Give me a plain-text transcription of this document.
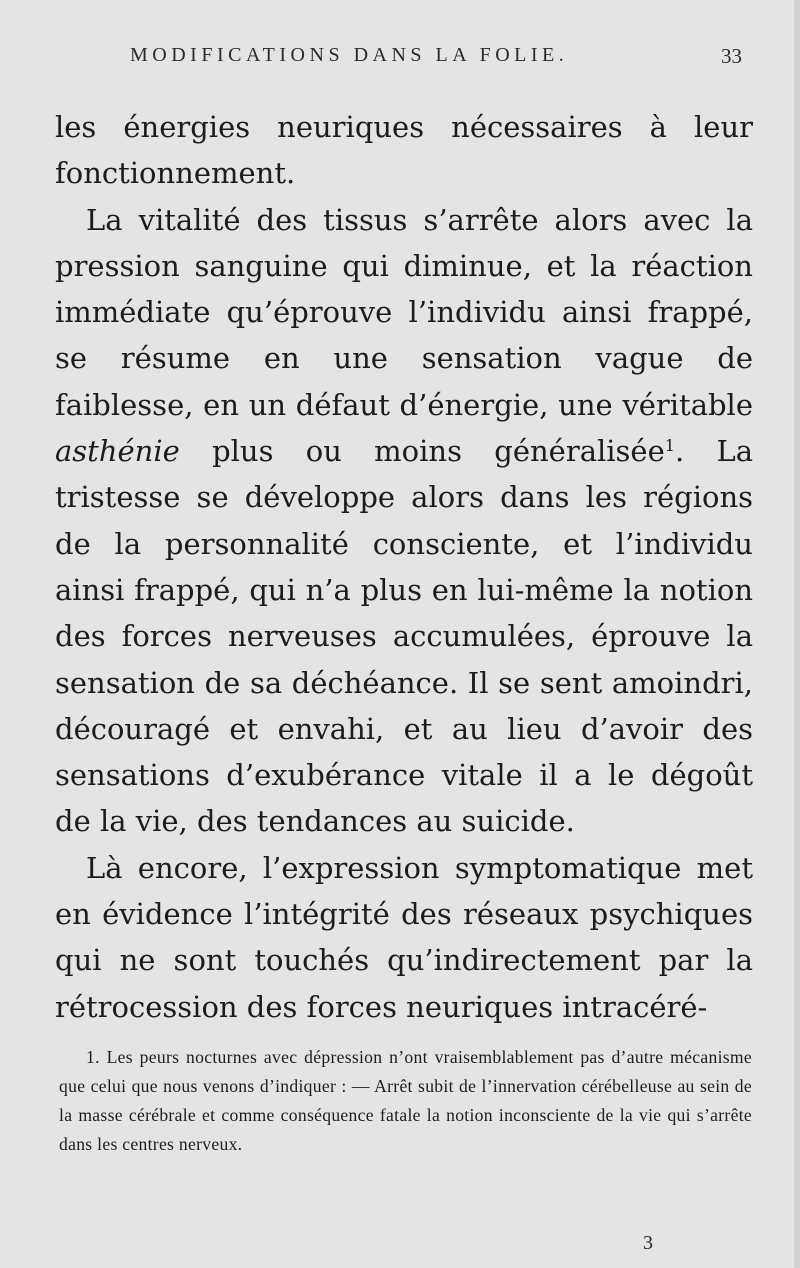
MODIFICATIONS DANS LA FOLIE.	33

les énergies neuriques nécessaires à leur fonctionnement.

La vitalité des tissus s’arrête alors avec la pression sanguine qui diminue, et la réaction immédiate qu’éprouve l’individu ainsi frappé, se résume en une sensation vague de faiblesse, en un défaut d’énergie, une véritable asthénie plus ou moins généralisée$^1$. La tristesse se développe alors dans les régions de la personnalité consciente, et l’individu ainsi frappé, qui n’a plus en lui-même la notion des forces nerveuses accumulées, éprouve la sensation de sa déchéance. Il se sent amoindri, découragé et envahi, et au lieu d’avoir des sensations d’exubérance vitale il a le dégoût de la vie, des tendances au suicide.

Là encore, l’expression symptomatique met en évidence l’intégrité des réseaux psychiques qui ne sont touchés qu’indirectement par la rétrocession des forces neuriques intracéré-

1. Les peurs nocturnes avec dépression n’ont vraisemblablement pas d’autre mécanisme que celui que nous venons d’indiquer : — Arrêt subit de l’innervation cérébelleuse au sein de la masse cérébrale et comme conséquence fatale la notion inconsciente de la vie qui s’arrête dans les centres nerveux.

3
